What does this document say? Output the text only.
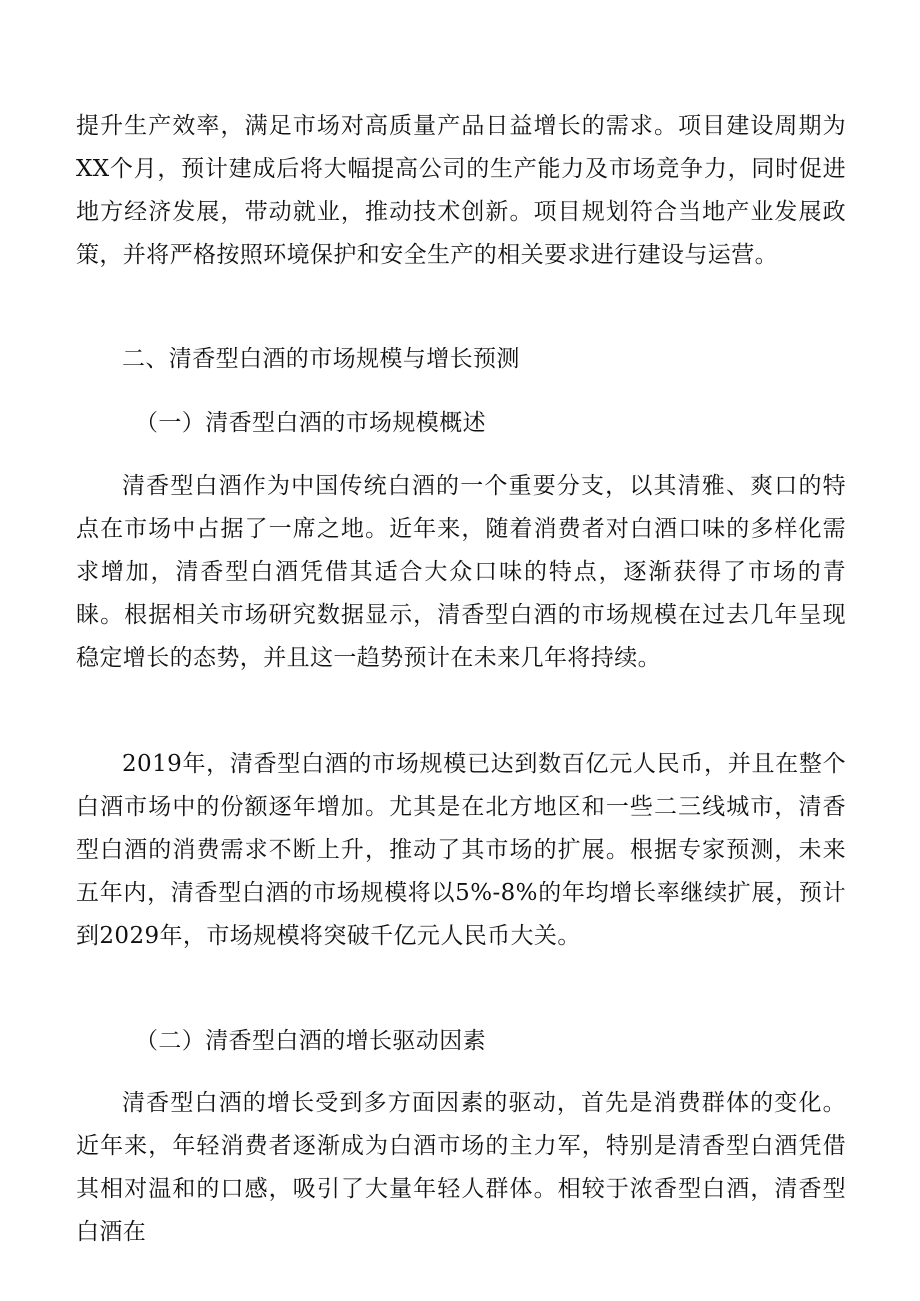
提升生产效率，满足市场对高质量产品日益增长的需求。项目建设周期为XX个月，预计建成后将大幅提高公司的生产能力及市场竞争力，同时促进地方经济发展，带动就业，推动技术创新。项目规划符合当地产业发展政策，并将严格按照环境保护和安全生产的相关要求进行建设与运营。

二、清香型白酒的市场规模与增长预测
（一）清香型白酒的市场规模概述

清香型白酒作为中国传统白酒的一个重要分支，以其清雅、爽口的特点在市场中占据了一席之地。近年来，随着消费者对白酒口味的多样化需求增加，清香型白酒凭借其适合大众口味的特点，逐渐获得了市场的青睐。根据相关市场研究数据显示，清香型白酒的市场规模在过去几年呈现稳定增长的态势，并且这一趋势预计在未来几年将持续。

2019年，清香型白酒的市场规模已达到数百亿元人民币，并且在整个白酒市场中的份额逐年增加。尤其是在北方地区和一些二三线城市，清香型白酒的消费需求不断上升，推动了其市场的扩展。根据专家预测，未来五年内，清香型白酒的市场规模将以5%-8%的年均增长率继续扩展，预计到2029年，市场规模将突破千亿元人民币大关。

（二）清香型白酒的增长驱动因素

清香型白酒的增长受到多方面因素的驱动，首先是消费群体的变化。近年来，年轻消费者逐渐成为白酒市场的主力军，特别是清香型白酒凭借其相对温和的口感，吸引了大量年轻人群体。相较于浓香型白酒，清香型白酒在
